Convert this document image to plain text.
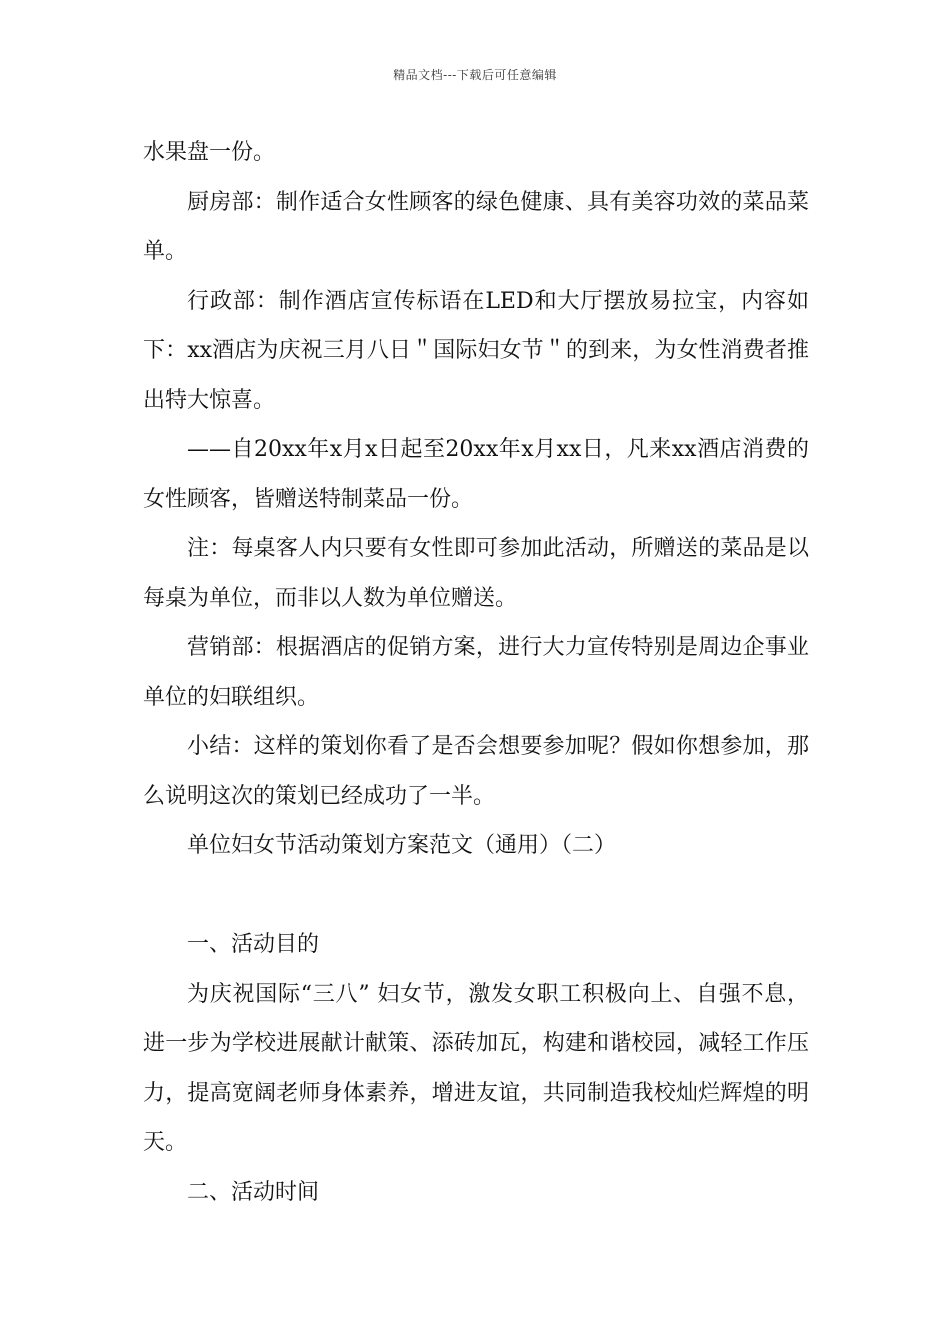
精品文档---下载后可任意编辑

水果盘一份。

厨房部：制作适合女性顾客的绿色健康、具有美容功效的菜品菜单。

行政部：制作酒店宣传标语在LED和大厅摆放易拉宝，内容如下：xx酒店为庆祝三月八日＂国际妇女节＂的到来，为女性消费者推出特大惊喜。

——自20xx年x月x日起至20xx年x月xx日，凡来xx酒店消费的女性顾客，皆赠送特制菜品一份。

注：每桌客人内只要有女性即可参加此活动，所赠送的菜品是以每桌为单位，而非以人数为单位赠送。

营销部：根据酒店的促销方案，进行大力宣传特别是周边企事业单位的妇联组织。

小结：这样的策划你看了是否会想要参加呢？假如你想参加，那么说明这次的策划已经成功了一半。

单位妇女节活动策划方案范文（通用）（二）

一、活动目的

为庆祝国际“三八” 妇女节，激发女职工积极向上、自强不息，进一步为学校进展献计献策、添砖加瓦，构建和谐校园，减轻工作压力，提高宽阔老师身体素养，增进友谊，共同制造我校灿烂辉煌的明天。

二、活动时间
